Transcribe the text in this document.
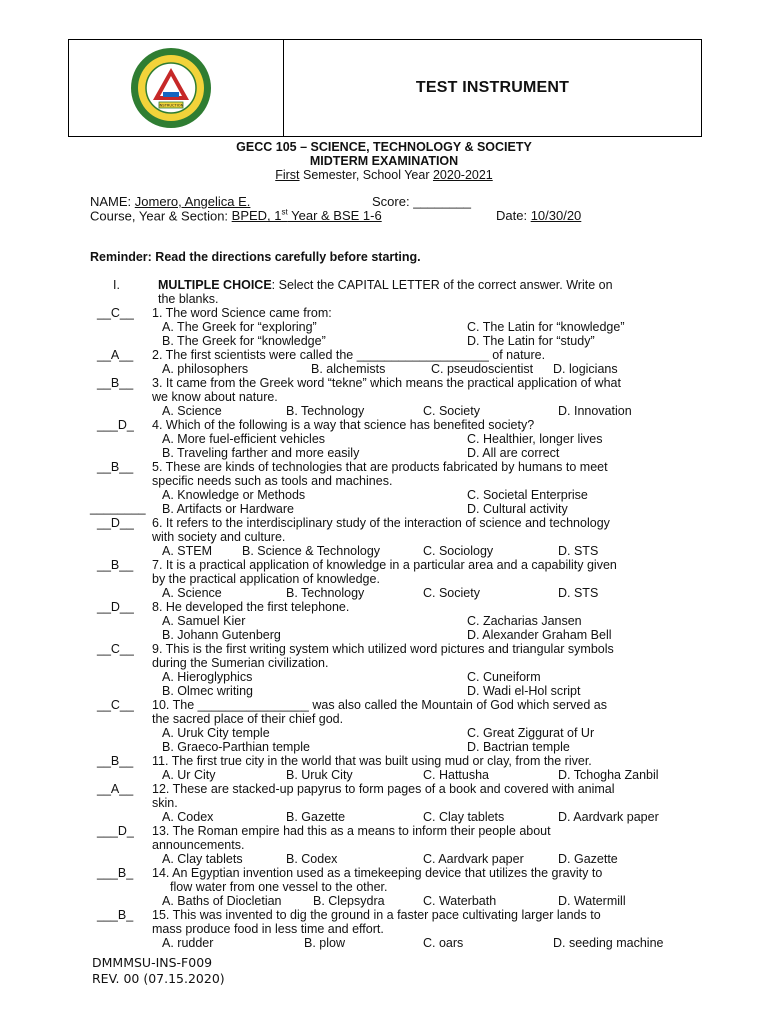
INSTRUCTION
TEST INSTRUMENT
GECC 105 – SCIENCE, TECHNOLOGY & SOCIETY
MIDTERM EXAMINATION
First Semester, School Year 2020-2021
NAME: Jomero, Angelica E.	Score: ________
Course, Year & Section: BPED, 1st Year & BSE 1-6	Date: 10/30/20
Reminder: Read the directions carefully before starting.
I.	MULTIPLE CHOICE: Select the CAPITAL LETTER of the correct answer. Write on
the blanks.
__C__ 1. The word Science came from:
A. The Greek for “exploring”	C. The Latin for “knowledge”
B. The Greek for “knowledge”	D. The Latin for “study”
__A__ 2. The first scientists were called the ___________________ of nature.
A. philosophers	B. alchemists	C. pseudoscientist D. logicians
__B__ 3. It came from the Greek word “tekne” which means the practical application of what
we know about nature.
A. Science	B. Technology	C. Society	D. Innovation
___D_ 4. Which of the following is a way that science has benefited society?
A. More fuel-efficient vehicles	C. Healthier, longer lives
B. Traveling farther and more easily	D. All are correct
__B__ 5. These are kinds of technologies that are products fabricated by humans to meet
specific needs such as tools and machines.
A. Knowledge or Methods	C. Societal Enterprise
B. Artifacts or Hardware	D. Cultural activity
__D__ 6. It refers to the interdisciplinary study of the interaction of science and technology
with society and culture.
A. STEM B. Science & Technology	C. Sociology	D. STS
__B__ 7. It is a practical application of knowledge in a particular area and a capability given
by the practical application of knowledge.
A. Science	B. Technology	C. Society	D. STS
__D__ 8. He developed the first telephone.
A. Samuel Kier	C. Zacharias Jansen
B. Johann Gutenberg	D. Alexander Graham Bell
__C__ 9. This is the first writing system which utilized word pictures and triangular symbols
during the Sumerian civilization.
A. Hieroglyphics	C. Cuneiform
B. Olmec writing	D. Wadi el-Hol script
__C__ 10. The ________________ was also called the Mountain of God which served as
the sacred place of their chief god.
A. Uruk City temple	C. Great Ziggurat of Ur
B. Graeco-Parthian temple	D. Bactrian temple
__B__ 11. The first true city in the world that was built using mud or clay, from the river.
A. Ur City	B. Uruk City	C. Hattusha	D. Tchogha Zanbil
__A__ 12. These are stacked-up papyrus to form pages of a book and covered with animal
skin.
A. Codex	B. Gazette	C. Clay tablets	D. Aardvark paper
___D_ 13. The Roman empire had this as a means to inform their people about
announcements.
A. Clay tablets	B. Codex	C. Aardvark paper	D. Gazette
___B_ 14. An Egyptian invention used as a timekeeping device that utilizes the gravity to
flow water from one vessel to the other.
A. Baths of Diocletian	B. Clepsydra	C. Waterbath	D. Watermill
___B_ 15. This was invented to dig the ground in a faster pace cultivating larger lands to
mass produce food in less time and effort.
A. rudder	B. plow	C. oars	D. seeding machine
________
DMMMSU-INS-F009
REV. 00 (07.15.2020)
